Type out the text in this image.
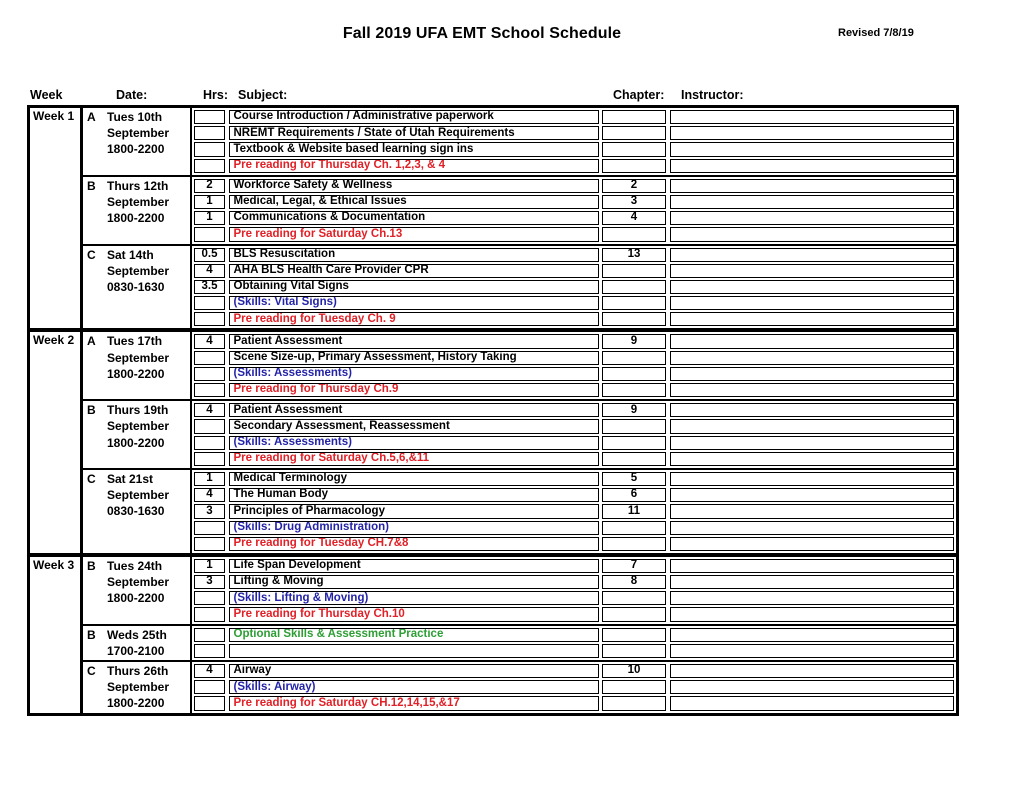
Fall 2019 UFA EMT School Schedule	Revised 7/8/19
Week	Date:	Hrs: Subject:	Chapter: Instructor:
Week 1	A Tues 10th
September
1800-2200
Course Introduction / Administrative paperwork
NREMT Requirements / State of Utah Requirements
Textbook & Website based learning sign ins
Pre reading for Thursday Ch. 1,2,3, & 4
B Thurs 12th
September
1800-2200
2	Workforce Safety & Wellness	2
1	Medical, Legal, & Ethical Issues	3
1	Communications & Documentation	4
Pre reading for Saturday Ch.13
C Sat 14th
September
0830-1630
0.5	BLS Resuscitation	13
4	AHA BLS Health Care Provider CPR
3.5	Obtaining Vital Signs
(Skills: Vital Signs)
Pre reading for Tuesday Ch. 9
Week 2	A Tues 17th
September
1800-2200
4	Patient Assessment	9
Scene Size-up, Primary Assessment, History Taking
(Skills: Assessments)
Pre reading for Thursday Ch.9
B Thurs 19th
September
1800-2200
4	Patient Assessment	9
Secondary Assessment, Reassessment
(Skills: Assessments)
Pre reading for Saturday Ch.5,6,&11
C Sat 21st
September
0830-1630
1	Medical Terminology	5
4	The Human Body	6
3	Principles of Pharmacology	11
(Skills: Drug Administration)
Pre reading for Tuesday CH.7&8
Week 3	B Tues 24th
September
1800-2200
1	Life Span Development	7
3	Lifting & Moving	8
(Skills: Lifting & Moving)
Pre reading for Thursday Ch.10
B Weds 25th
1700-2100
Optional Skills & Assessment Practice
C Thurs 26th
September
1800-2200
4	Airway	10
(Skills: Airway)
Pre reading for Saturday CH.12,14,15,&17
